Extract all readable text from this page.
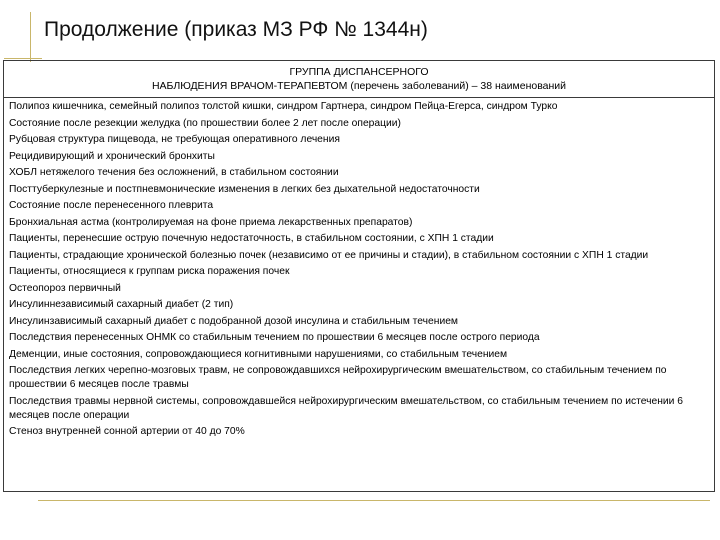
Продолжение (приказ МЗ РФ № 1344н)
ГРУППА ДИСПАНСЕРНОГО
НАБЛЮДЕНИЯ ВРАЧОМ-ТЕРАПЕВТОМ (перечень заболеваний) – 38 наименований
Полипоз кишечника, семейный полипоз толстой кишки, синдром Гартнера, синдром Пейца-Егерса, синдром Турко
Состояние после резекции желудка (по прошествии более 2 лет после операции)
Рубцовая структура пищевода, не требующая оперативного лечения
Рецидивирующий и хронический бронхиты
ХОБЛ нетяжелого течения без осложнений, в стабильном состоянии
Посттуберкулезные и постпневмонические изменения в легких без дыхательной недостаточности
Состояние после перенесенного плеврита
Бронхиальная астма (контролируемая на фоне приема лекарственных препаратов)
Пациенты, перенесшие острую почечную недостаточность, в стабильном состоянии, с ХПН 1 стадии
Пациенты, страдающие хронической болезнью почек (независимо от ее причины и стадии), в стабильном состоянии с ХПН 1 стадии
Пациенты, относящиеся к группам риска поражения почек
Остеопороз первичный
Инсулиннезависимый сахарный диабет (2 тип)
Инсулинзависимый сахарный диабет с подобранной дозой инсулина и стабильным течением
Последствия перенесенных ОНМК со стабильным течением по прошествии 6 месяцев после острого периода
Деменции, иные состояния, сопровождающиеся когнитивными нарушениями, со стабильным течением
Последствия легких черепно-мозговых травм, не сопровождавшихся нейрохирургическим вмешательством, со стабильным течением по прошествии 6 месяцев после травмы
Последствия травмы нервной системы, сопровождавшейся нейрохирургическим вмешательством, со стабильным течением по истечении 6 месяцев после операции
Стеноз внутренней сонной артерии от 40 до 70%
